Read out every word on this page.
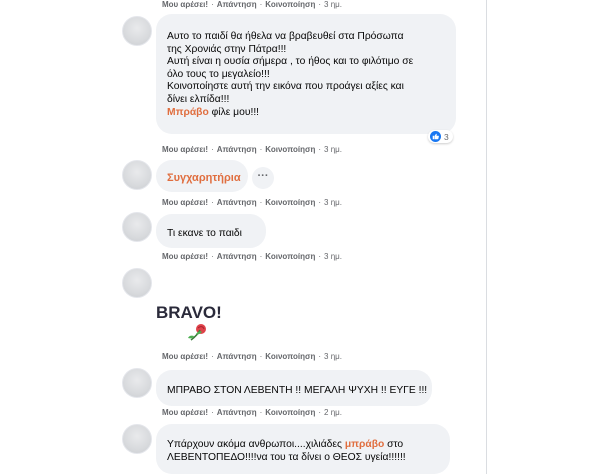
Μου αρέσει! · Απάντηση · Κοινοποίηση · 3 ημ.
Αυτο το παιδί θα ήθελα να βραβευθεί στα Πρόσωπα
της Χρονιάς στην Πάτρα!!!
Αυτή είναι η ουσία σήμερα , το ήθος και το φιλότιμο σε
όλο τους το μεγαλείο!!!
Κοινοποίηστε αυτή την εικόνα που προάγει αξίες και
δίνει ελπίδα!!!
Μπράβο φίλε μου!!!
3
Μου αρέσει! · Απάντηση · Κοινοποίηση · 3 ημ.
Συγχαρητήρια	···
Μου αρέσει! · Απάντηση · Κοινοποίηση · 3 ημ.
Τι εκανε το παιδι
Μου αρέσει! · Απάντηση · Κοινοποίηση · 3 ημ.
BRAVO!
Μου αρέσει! · Απάντηση · Κοινοποίηση · 3 ημ.
ΜΠΡΑΒΟ ΣΤΟΝ ΛΕΒΕΝΤΗ !! ΜΕΓΑΛΗ ΨΥΧΗ !! ΕΥΓΕ !!!
Μου αρέσει! · Απάντηση · Κοινοποίηση · 2 ημ.
Υπάρχουν ακόμα ανθρωποι....χιλιάδες μπράβο στο
ΛΕΒΕΝΤΟΠΕΔΟ!!!!να του τα δίνει ο ΘΕΟΣ υγεία!!!!!!
